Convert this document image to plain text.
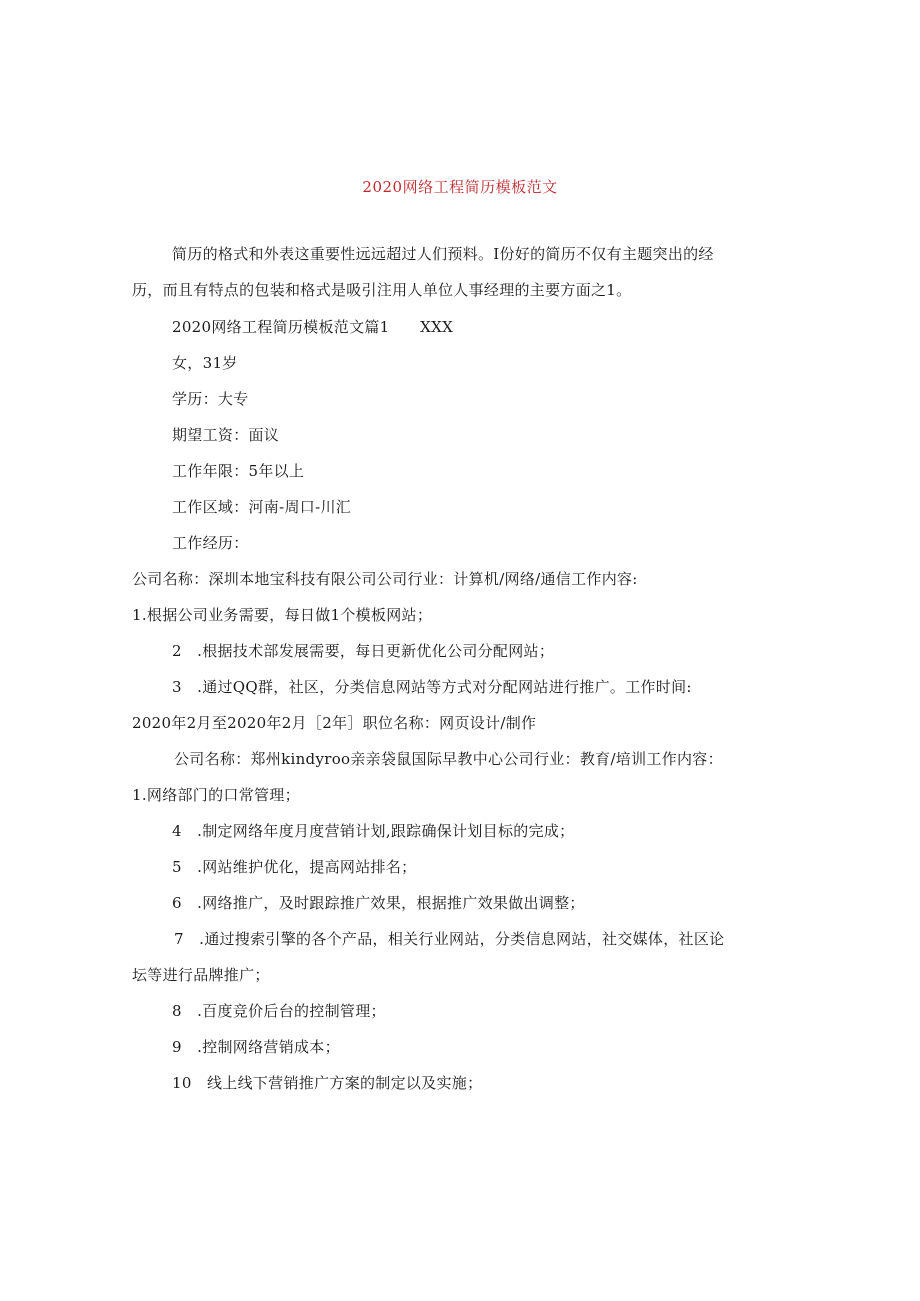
2020网络工程简历模板范文
简历的格式和外表这重要性远远超过人们预料。I份好的简历不仅有主题突出的经
历，而且有特点的包装和格式是吸引注用人单位人事经理的主要方面之1。
2020网络工程简历模板范文篇1　　XXX
女，31岁
学历：大专
期望工资：面议
工作年限：5年以上
工作区域：河南-周口-川汇
工作经历：
公司名称：深圳本地宝科技有限公司公司行业：计算机/网络/通信工作内容:
1.根据公司业务需要，每日做1个模板网站；
2　.根据技术部发展需要，每日更新优化公司分配网站；
3　.通过QQ群，社区，分类信息网站等方式对分配网站进行推广。工作时间:
2020年2月至2020年2月［2年］职位名称：网页设计/制作
公司名称：郑州kindyroo亲亲袋鼠国际早教中心公司行业：教育/培训工作内容：
1.网络部门的口常管理；
4　.制定网络年度月度营销计划,跟踪确保计划目标的完成；
5　.网站维护优化，提高网站排名；
6　.网络推广，及时跟踪推广效果，根据推广效果做出调整；
7　.通过搜索引擎的各个产品，相关行业网站，分类信息网站，社交媒体，社区论
坛等进行品牌推广；
8　.百度竞价后台的控制管理；
9　.控制网络营销成本；
10　线上线下营销推广方案的制定以及实施；
